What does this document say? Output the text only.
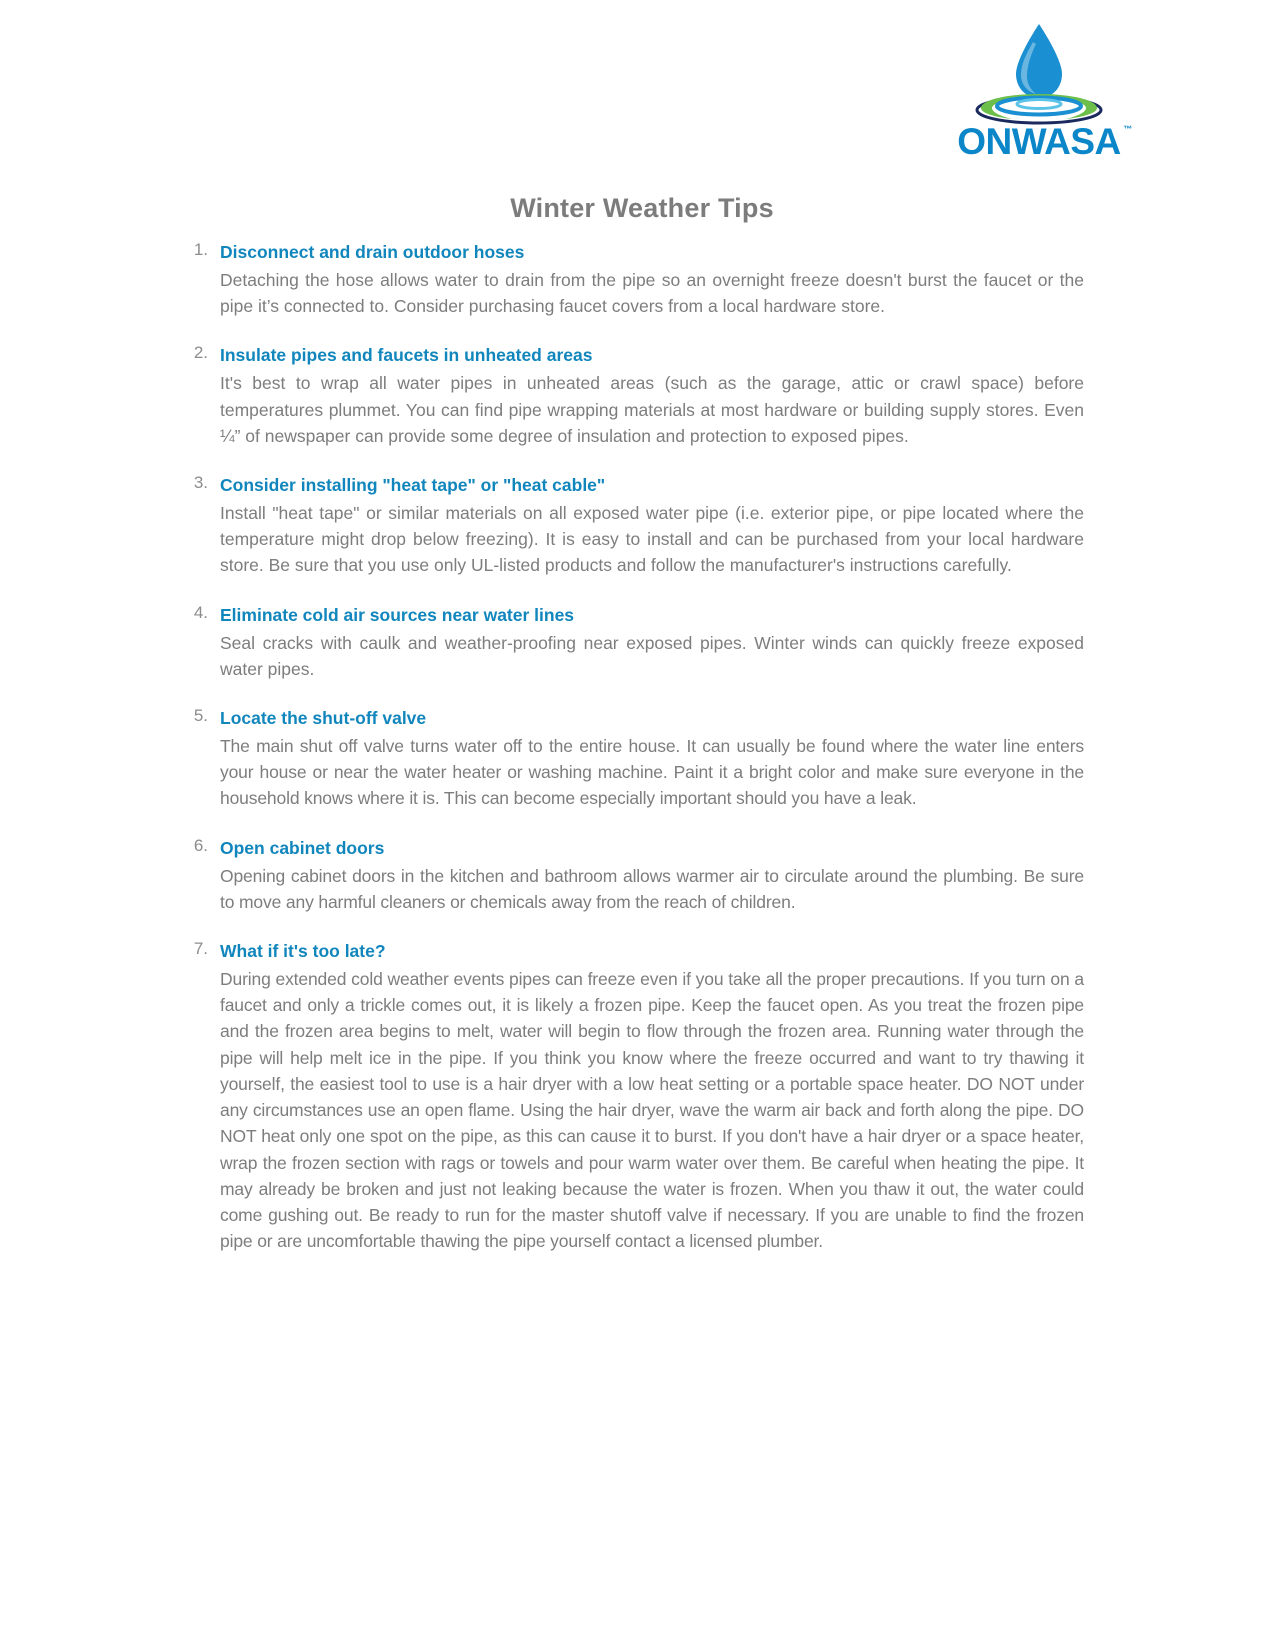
ONWASA ™
Winter Weather Tips
1. Disconnect and drain outdoor hoses
Detaching the hose allows water to drain from the pipe so an overnight freeze doesn't burst the faucet or the pipe it’s connected to. Consider purchasing faucet covers from a local hardware store.
2. Insulate pipes and faucets in unheated areas
It's best to wrap all water pipes in unheated areas (such as the garage, attic or crawl space) before temperatures plummet. You can find pipe wrapping materials at most hardware or building supply stores. Even ¼” of newspaper can provide some degree of insulation and protection to exposed pipes.
3. Consider installing "heat tape" or "heat cable"
Install "heat tape" or similar materials on all exposed water pipe (i.e. exterior pipe, or pipe located where the temperature might drop below freezing). It is easy to install and can be purchased from your local hardware store. Be sure that you use only UL-listed products and follow the manufacturer's instructions carefully.
4. Eliminate cold air sources near water lines
Seal cracks with caulk and weather-proofing near exposed pipes. Winter winds can quickly freeze exposed water pipes.
5. Locate the shut-off valve
The main shut off valve turns water off to the entire house. It can usually be found where the water line enters your house or near the water heater or washing machine. Paint it a bright color and make sure everyone in the household knows where it is. This can become especially important should you have a leak.
6. Open cabinet doors
Opening cabinet doors in the kitchen and bathroom allows warmer air to circulate around the plumbing. Be sure to move any harmful cleaners or chemicals away from the reach of children.
7. What if it's too late?
During extended cold weather events pipes can freeze even if you take all the proper precautions. If you turn on a faucet and only a trickle comes out, it is likely a frozen pipe. Keep the faucet open. As you treat the frozen pipe and the frozen area begins to melt, water will begin to flow through the frozen area. Running water through the pipe will help melt ice in the pipe. If you think you know where the freeze occurred and want to try thawing it yourself, the easiest tool to use is a hair dryer with a low heat setting or a portable space heater. DO NOT under any circumstances use an open flame. Using the hair dryer, wave the warm air back and forth along the pipe. DO NOT heat only one spot on the pipe, as this can cause it to burst. If you don't have a hair dryer or a space heater, wrap the frozen section with rags or towels and pour warm water over them. Be careful when heating the pipe. It may already be broken and just not leaking because the water is frozen. When you thaw it out, the water could come gushing out. Be ready to run for the master shutoff valve if necessary. If you are unable to find the frozen pipe or are uncomfortable thawing the pipe yourself contact a licensed plumber.
